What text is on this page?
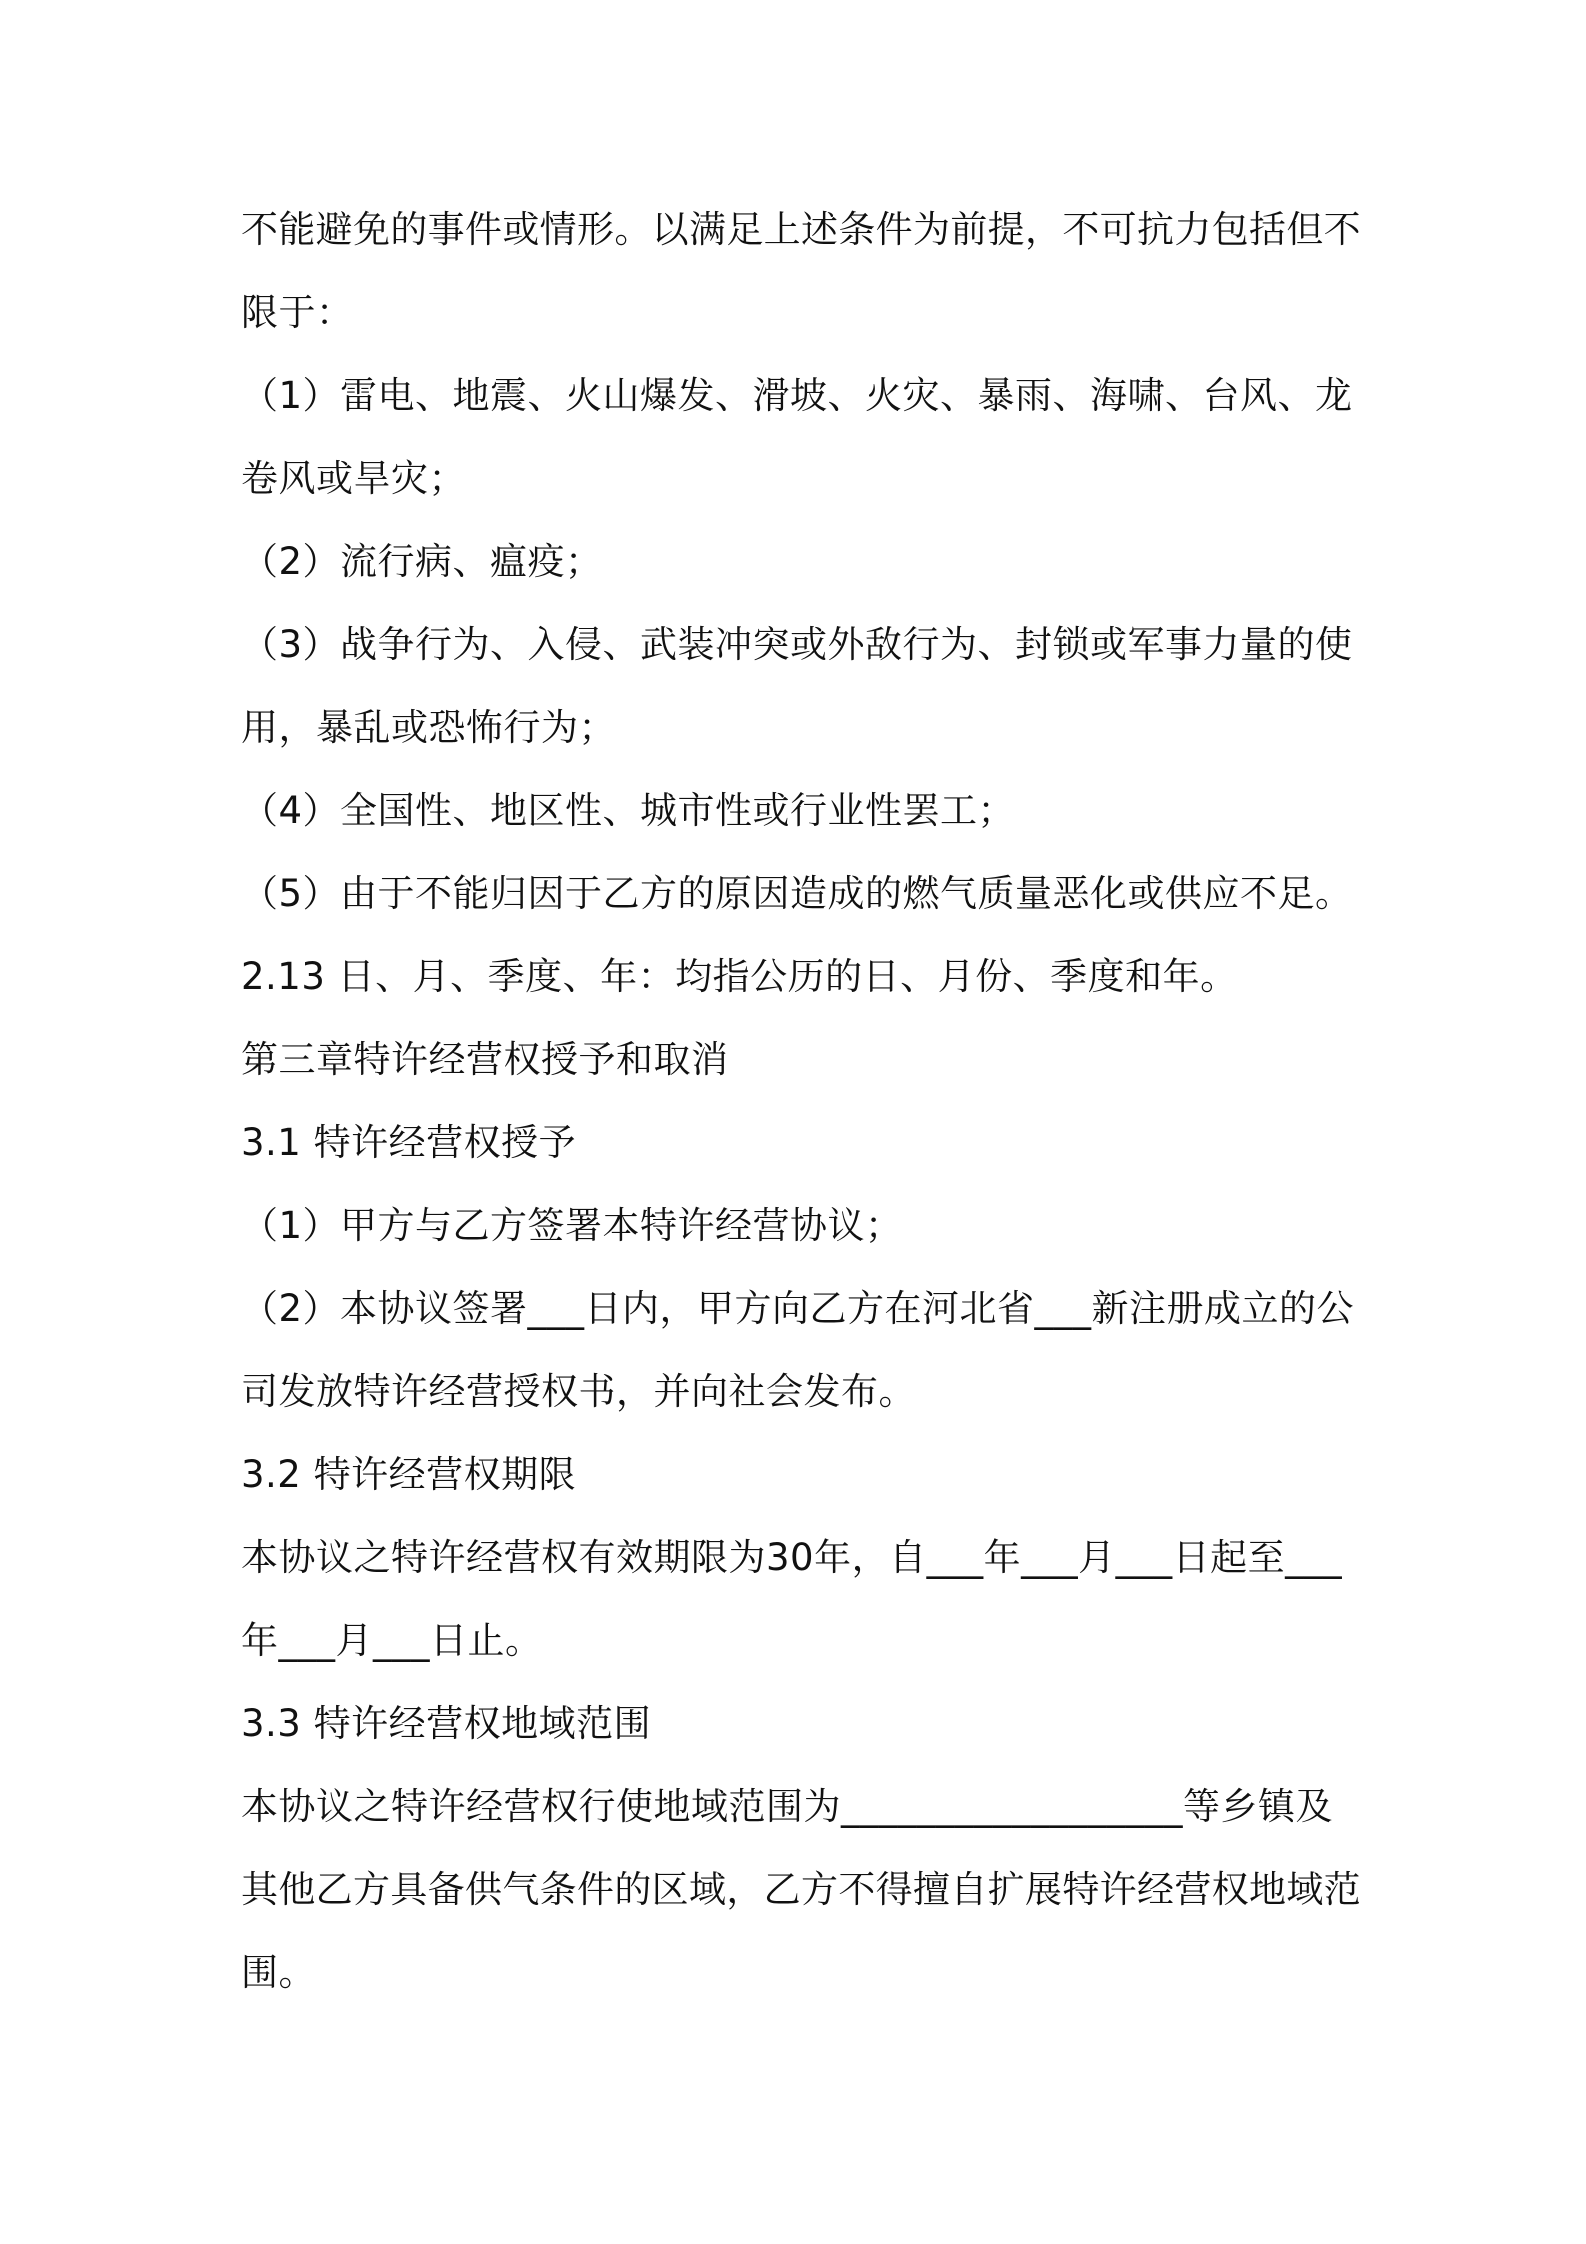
不能避免的事件或情形。以满足上述条件为前提，不可抗力包括但不
限于：
（1）雷电、地震、火山爆发、滑坡、火灾、暴雨、海啸、台风、龙
卷风或旱灾；
（2）流行病、瘟疫；
（3）战争行为、入侵、武装冲突或外敌行为、封锁或军事力量的使
用，暴乱或恐怖行为；
（4）全国性、地区性、城市性或行业性罢工；
（5）由于不能归因于乙方的原因造成的燃气质量恶化或供应不足。
2.13 日、月、季度、年：均指公历的日、月份、季度和年。
第三章特许经营权授予和取消
3.1 特许经营权授予
（1）甲方与乙方签署本特许经营协议；
（2）本协议签署___日内，甲方向乙方在河北省___新注册成立的公
司发放特许经营授权书，并向社会发布。
3.2 特许经营权期限
本协议之特许经营权有效期限为30年，自___年___月___日起至___
年___月___日止。
3.3 特许经营权地域范围
本协议之特许经营权行使地域范围为__________________等乡镇及
其他乙方具备供气条件的区域，乙方不得擅自扩展特许经营权地域范
围。
